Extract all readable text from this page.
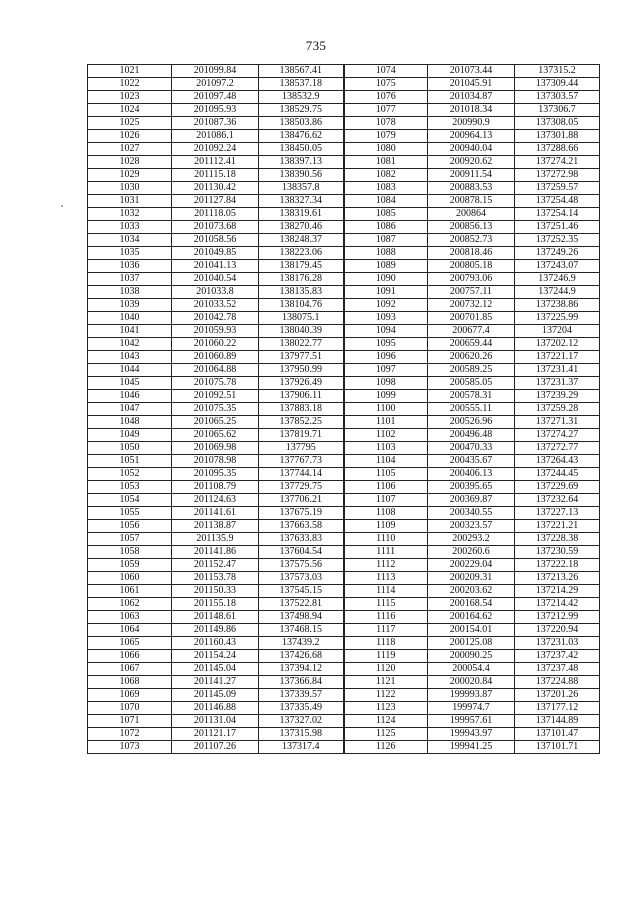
735
1021	201099.84	138567.41	1074	201073.44	137315.2
1022	201097.2	138537.18	1075	201045.91	137309.44
1023	201097.48	138532.9	1076	201034.87	137303.57
1024	201095.93	138529.75	1077	201018.34	137306.7
1025	201087.36	138503.86	1078	200990.9	137308.05
1026	201086.1	138476.62	1079	200964.13	137301.88
1027	201092.24	138450.05	1080	200940.04	137288.66
1028	201112.41	138397.13	1081	200920.62	137274.21
1029	201115.18	138390.56	1082	200911.54	137272.98
1030	201130.42	138357.8	1083	200883.53	137259.57
1031	201127.84	138327.34	1084	200878.15	137254.48
1032	201118.05	138319.61	1085	200864	137254.14
1033	201073.68	138270.46	1086	200856.13	137251.46
1034	201058.56	138248.37	1087	200852.73	137252.35
1035	201049.85	138223.06	1088	200818.46	137249.26
1036	201041.13	138179.45	1089	200805.18	137243.07
1037	201040.54	138176.28	1090	200793.06	137246.9
1038	201033.8	138135.83	1091	200757.11	137244.9
1039	201033.52	138104.76	1092	200732.12	137238.86
1040	201042.78	138075.1	1093	200701.85	137225.99
1041	201059.93	138040.39	1094	200677.4	137204
1042	201060.22	138022.77	1095	200659.44	137202.12
1043	201060.89	137977.51	1096	200620.26	137221.17
1044	201064.88	137950.99	1097	200589.25	137231.41
1045	201075.78	137926.49	1098	200585.05	137231.37
1046	201092.51	137906.11	1099	200578.31	137239.29
1047	201075.35	137883.18	1100	200555.11	137259.28
1048	201065.25	137852.25	1101	200526.96	137271.31
1049	201065.62	137819.71	1102	200496.48	137274.27
1050	201069.98	137795	1103	200470.33	137272.77
1051	201078.98	137767.73	1104	200435.67	137264.43
1052	201095.35	137744.14	1105	200406.13	137244.45
1053	201108.79	137729.75	1106	200395.65	137229.69
1054	201124.63	137706.21	1107	200369.87	137232.64
1055	201141.61	137675.19	1108	200340.55	137227.13
1056	201138.87	137663.58	1109	200323.57	137221.21
1057	201135.9	137633.83	1110	200293.2	137228.38
1058	201141.86	137604.54	1111	200260.6	137230.59
1059	201152.47	137575.56	1112	200229.04	137222.18
1060	201153.78	137573.03	1113	200209.31	137213.26
1061	201150.33	137545.15	1114	200203.62	137214.29
1062	201155.18	137522.81	1115	200168.54	137214.42
1063	201148.61	137498.94	1116	200164.62	137212.99
1064	201149.86	137468.15	1117	200154.01	137220.94
1065	201160.43	137439.2	1118	200125.08	137231.03
1066	201154.24	137426.68	1119	200090.25	137237.42
1067	201145.04	137394.12	1120	200054.4	137237.48
1068	201141.27	137366.84	1121	200020.84	137224.88
1069	201145.09	137339.57	1122	199993.87	137201.26
1070	201146.88	137335.49	1123	199974.7	137177.12
1071	201131.04	137327.02	1124	199957.61	137144.89
1072	201121.17	137315.98	1125	199943.97	137101.47
1073	201107.26	137317.4	1126	199941.25	137101.71
